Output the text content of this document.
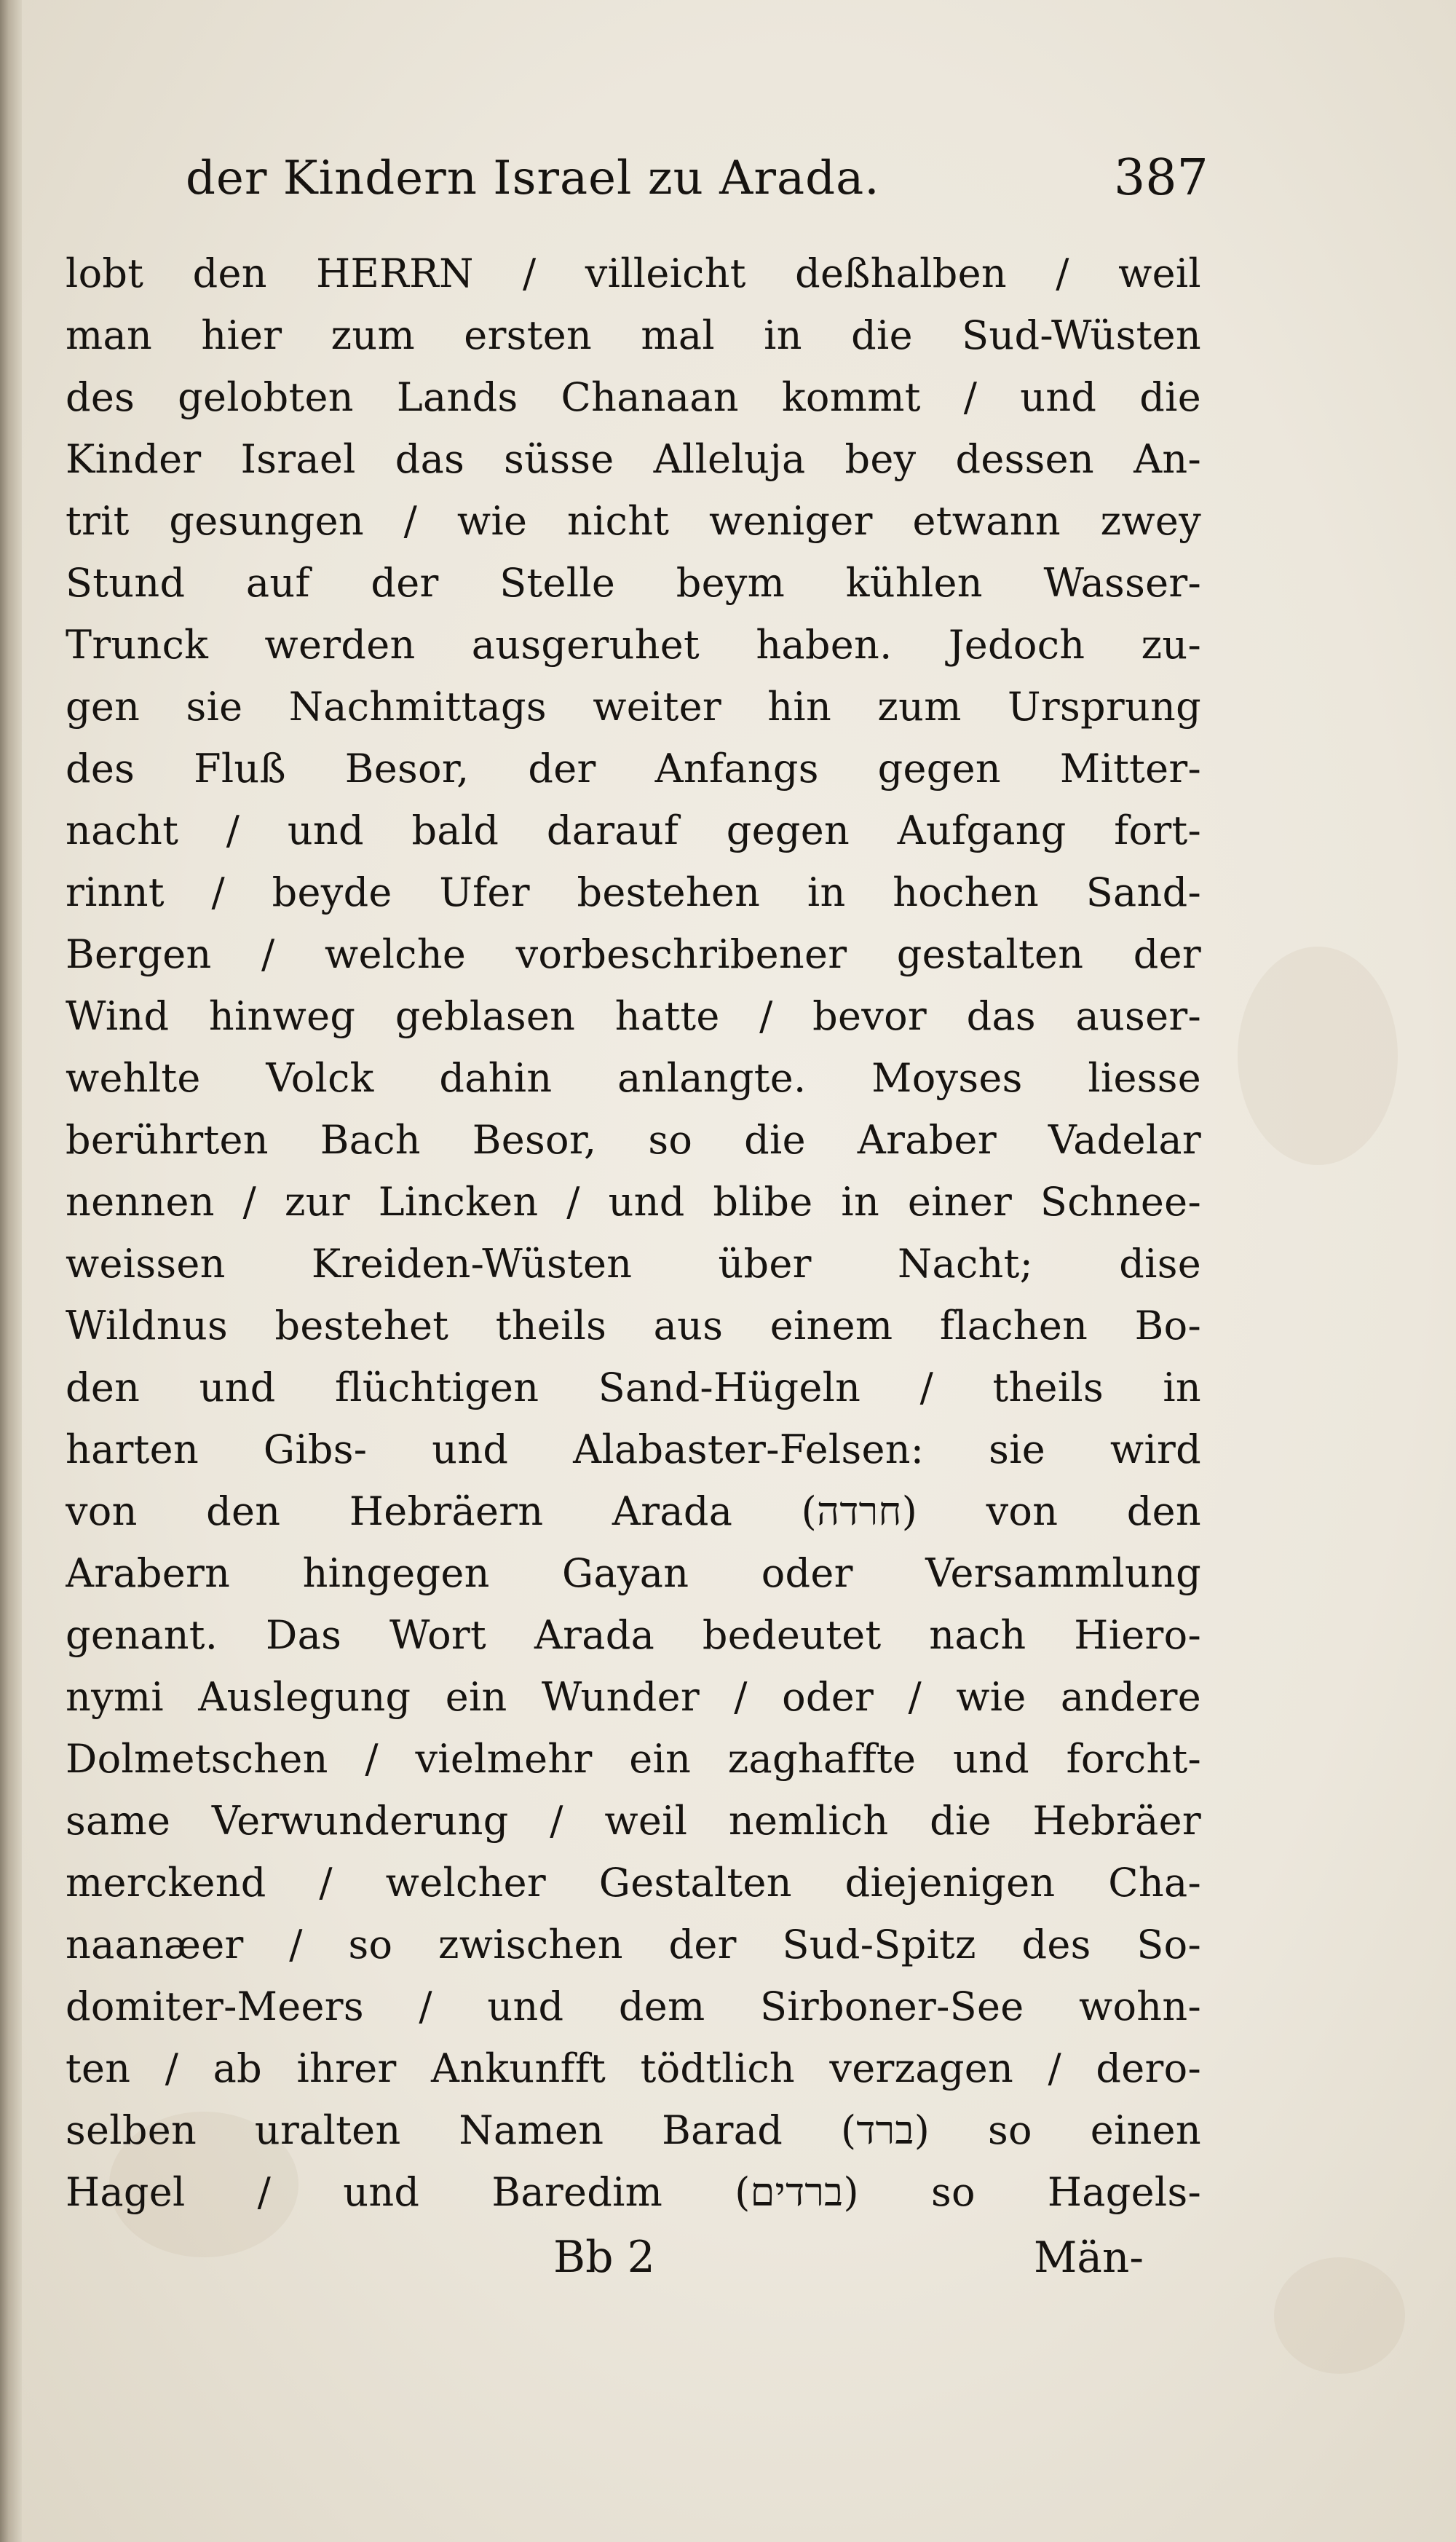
der Kindern Israel zu Arada.	387
lobt den HERRN / villeicht deßhalben / weil
man hier zum ersten mal in die Sud-Wüsten
des gelobten Lands Chanaan kommt / und die
Kinder Israel das süsse Alleluja bey dessen An-
trit gesungen / wie nicht weniger etwann zwey
Stund auf der Stelle beym kühlen Wasser-
Trunck werden ausgeruhet haben. Jedoch zu-
gen sie Nachmittags weiter hin zum Ursprung
des Fluß Besor, der Anfangs gegen Mitter-
nacht / und bald darauf gegen Aufgang fort-
rinnt / beyde Ufer bestehen in hochen Sand-
Bergen / welche vorbeschribener gestalten der
Wind hinweg geblasen hatte / bevor das auser-
wehlte Volck dahin anlangte. Moyses liesse
berührten Bach Besor, so die Araber Vadelar
nennen / zur Lincken / und blibe in einer Schnee-
weissen Kreiden-Wüsten über Nacht; dise
Wildnus bestehet theils aus einem flachen Bo-
den und flüchtigen Sand-Hügeln / theils in
harten Gibs- und Alabaster-Felsen: sie wird
von den Hebräern Arada (חרדה) von den
Arabern hingegen Gayan oder Versammlung
genant. Das Wort Arada bedeutet nach Hiero-
nymi Auslegung ein Wunder / oder / wie andere
Dolmetschen / vielmehr ein zaghaffte und forcht-
same Verwunderung / weil nemlich die Hebräer
merckend / welcher Gestalten diejenigen Cha-
naanæer / so zwischen der Sud-Spitz des So-
domiter-Meers / und dem Sirboner-See wohn-
ten / ab ihrer Ankunfft tödtlich verzagen / dero-
selben uralten Namen Barad (ברד) so einen
Hagel / und Baredim (ברדים) so Hagels-
Bb 2	Män-
